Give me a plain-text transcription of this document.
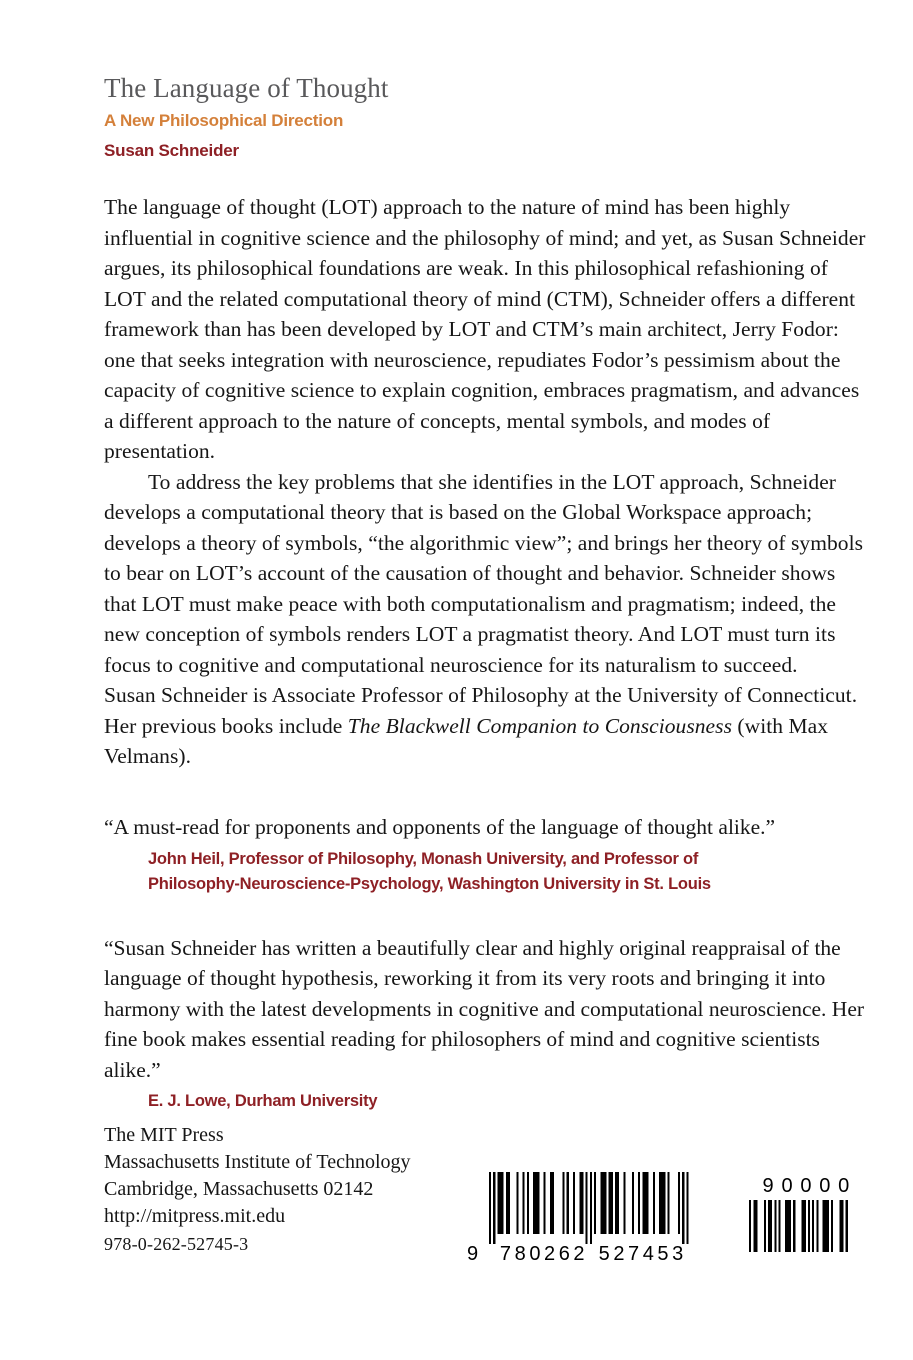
The Language of Thought
A New Philosophical Direction
Susan Schneider

The language of thought (LOT) approach to the nature of mind has been highly influential in cognitive science and the philosophy of mind; and yet, as Susan Schneider argues, its philosophical foundations are weak. In this philosophical refashioning of LOT and the related computational theory of mind (CTM), Schneider offers a different framework than has been developed by LOT and CTM’s main architect, Jerry Fodor: one that seeks integration with neuroscience, repudiates Fodor’s pessimism about the capacity of cognitive science to explain cognition, embraces pragmatism, and advances a different approach to the nature of concepts, mental symbols, and modes of presentation.

To address the key problems that she identifies in the LOT approach, Schneider develops a computational theory that is based on the Global Workspace approach; develops a theory of symbols, “the algorithmic view”; and brings her theory of symbols to bear on LOT’s account of the causation of thought and behavior. Schneider shows that LOT must make peace with both computationalism and pragmatism; indeed, the new conception of symbols renders LOT a pragmatist theory. And LOT must turn its focus to cognitive and computational neuroscience for its naturalism to succeed.

Susan Schneider is Associate Professor of Philosophy at the University of Connecticut. Her previous books include The Blackwell Companion to Consciousness (with Max Velmans).

“A must-read for proponents and opponents of the language of thought alike.”

John Heil, Professor of Philosophy, Monash University, and Professor of
Philosophy-Neuroscience-Psychology, Washington University in St. Louis

“Susan Schneider has written a beautifully clear and highly original reappraisal of the language of thought hypothesis, reworking it from its very roots and bringing it into harmony with the latest developments in cognitive and computational neuroscience. Her fine book makes essential reading for philosophers of mind and cognitive scientists alike.”

E. J. Lowe, Durham University
The MIT Press
Massachusetts Institute of Technology
Cambridge, Massachusetts 02142
http://mitpress.mit.edu
978-0-262-52745-3	9 7 8 0 2 6 2 5 2 7 4 5 3
9 0 0 0 0
